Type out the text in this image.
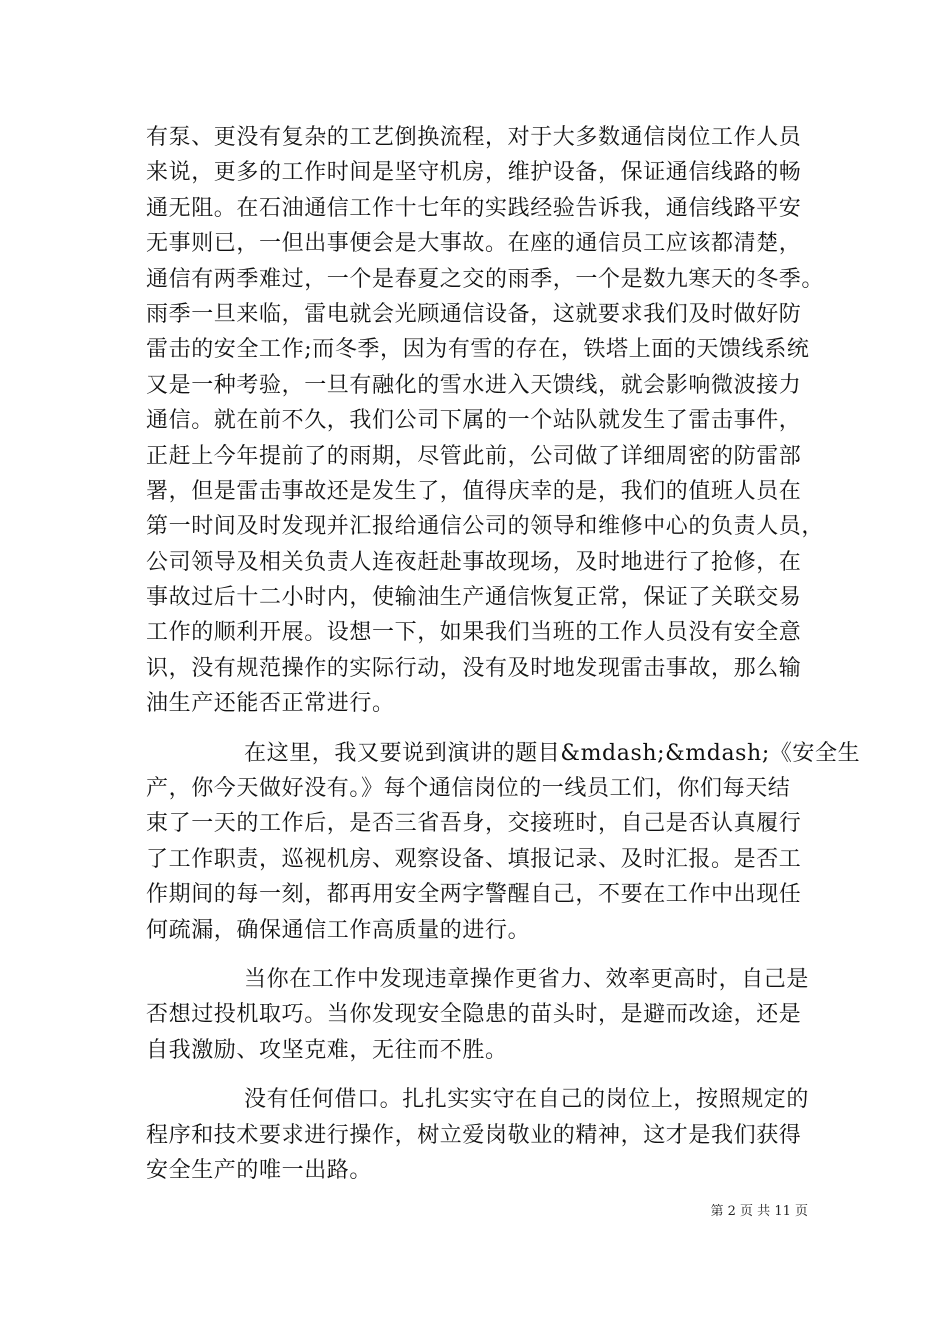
有泵、更没有复杂的工艺倒换流程，对于大多数通信岗位工作人员
来说，更多的工作时间是坚守机房，维护设备，保证通信线路的畅
通无阻。在石油通信工作十七年的实践经验告诉我，通信线路平安
无事则已，一但出事便会是大事故。在座的通信员工应该都清楚，
通信有两季难过，一个是春夏之交的雨季，一个是数九寒天的冬季。
雨季一旦来临，雷电就会光顾通信设备，这就要求我们及时做好防
雷击的安全工作;而冬季，因为有雪的存在，铁塔上面的天馈线系统
又是一种考验，一旦有融化的雪水进入天馈线，就会影响微波接力
通信。就在前不久，我们公司下属的一个站队就发生了雷击事件，
正赶上今年提前了的雨期，尽管此前，公司做了详细周密的防雷部
署，但是雷击事故还是发生了，值得庆幸的是，我们的值班人员在
第一时间及时发现并汇报给通信公司的领导和维修中心的负责人员，
公司领导及相关负责人连夜赶赴事故现场，及时地进行了抢修，在
事故过后十二小时内，使输油生产通信恢复正常，保证了关联交易
工作的顺利开展。设想一下，如果我们当班的工作人员没有安全意
识，没有规范操作的实际行动，没有及时地发现雷击事故，那么输
油生产还能否正常进行。
在这里，我又要说到演讲的题目&mdash;&mdash;《安全生
产，你今天做好没有。》每个通信岗位的一线员工们，你们每天结
束了一天的工作后，是否三省吾身，交接班时，自己是否认真履行
了工作职责，巡视机房、观察设备、填报记录、及时汇报。是否工
作期间的每一刻，都再用安全两字警醒自己，不要在工作中出现任
何疏漏，确保通信工作高质量的进行。
当你在工作中发现违章操作更省力、效率更高时，自己是
否想过投机取巧。当你发现安全隐患的苗头时，是避而改途，还是
自我激励、攻坚克难，无往而不胜。
没有任何借口。扎扎实实守在自己的岗位上，按照规定的
程序和技术要求进行操作，树立爱岗敬业的精神，这才是我们获得
安全生产的唯一出路。
第 2 页 共 11 页
